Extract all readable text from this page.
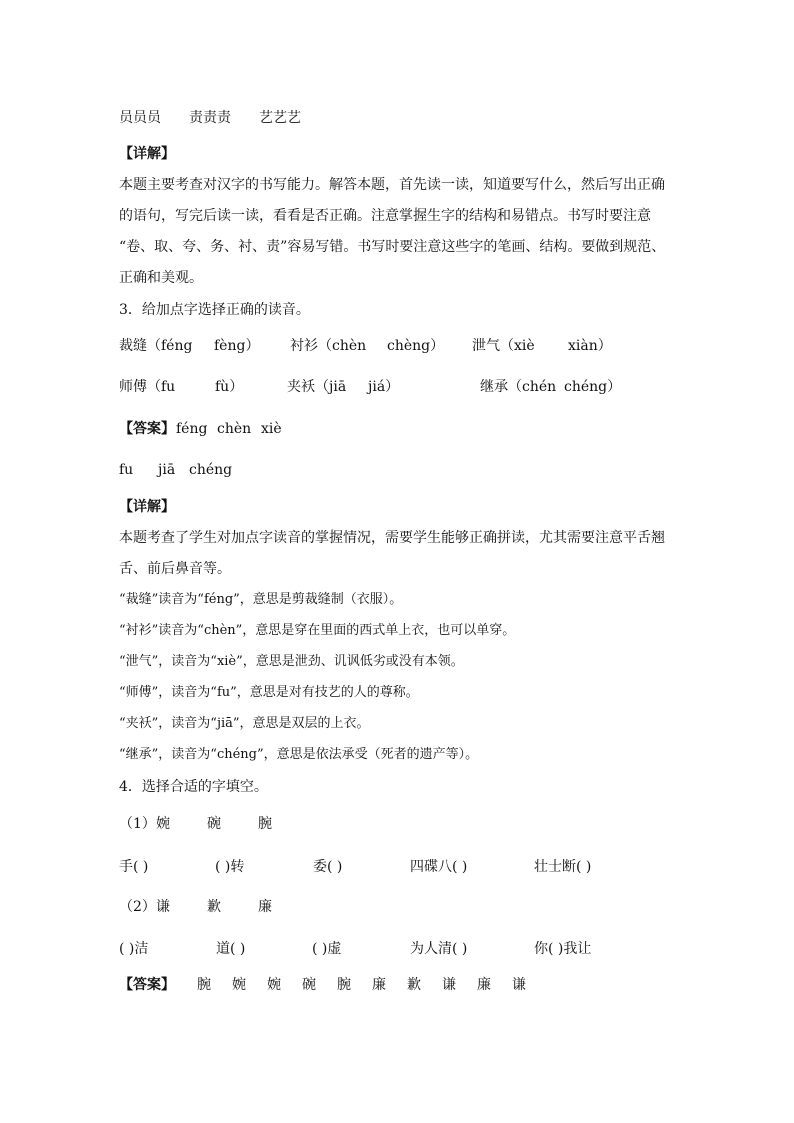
员员员 责责责 艺艺艺
【详解】
本题主要考查对汉字的书写能力。解答本题，首先读一读，知道要写什么，然后写出正确
的语句，写完后读一读，看看是否正确。注意掌握生字的结构和易错点。书写时要注意
“卷、取、夸、务、衬、责”容易写错。书写时要注意这些字的笔画、结构。要做到规范、
正确和美观。
3．给加点字选择正确的读音。
裁缝（féng fèng） 衬衫（chèn chèng） 泄气（xiè xiàn）
师傅（fu	fù）	夹袄（jiā jiá）	继承（chén chéng）
【答案】 féng chèn xiè
fu jiā chéng
【详解】
本题考查了学生对加点字读音的掌握情况，需要学生能够正确拼读，尤其需要注意平舌翘
舌、前后鼻音等。
“裁缝”读音为“féng”，意思是剪裁缝制（衣服）。
“衬衫”读音为“chèn”，意思是穿在里面的西式单上衣，也可以单穿。
“泄气”，读音为“xiè”，意思是泄劲、讥讽低劣或没有本领。
“师傅”，读音为“fu”，意思是对有技艺的人的尊称。
“夹袄”，读音为“jiā”，意思是双层的上衣。
“继承”，读音为“chéng”，意思是依法承受（死者的遗产等）。
4．选择合适的字填空。
（1） 婉	碗	腕
手( )	( )转	委( )	四碟八( )	壮士断( )
（2） 谦	歉	廉
( )洁	道( )	( )虚	为人清( )	你( )我让
【答案】 腕 婉 婉 碗 腕 廉 歉 谦 廉 谦
